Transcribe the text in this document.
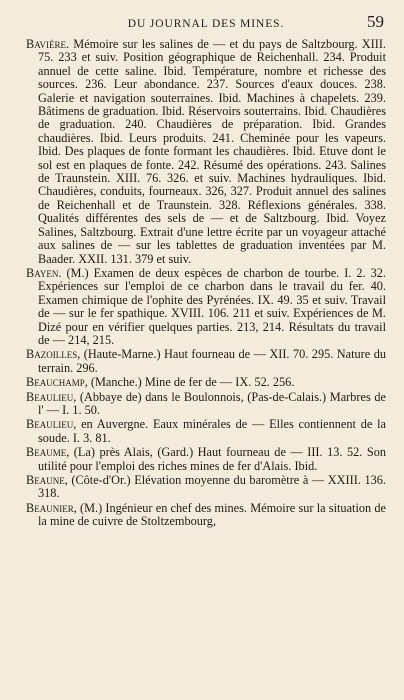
DU JOURNAL DES MINES.	59

Bavière. Mémoire sur les salines de — et du pays de Saltzbourg. XIII. 75. 233 et suiv. Position géographique de Reichenhall. 234. Produit annuel de cette saline. Ibid. Température, nombre et richesse des sources. 236. Leur abondance. 237. Sources d'eaux douces. 238. Galerie et navigation souterraines. Ibid. Machines à chapelets. 239. Bâtimens de graduation. Ibid. Réservoirs souterrains. Ibid. Chaudières de graduation. 240. Chaudières de préparation. Ibid. Grandes chaudières. Ibid. Leurs produits. 241. Cheminée pour les vapeurs. Ibid. Des plaques de fonte formant les chaudières. Ibid. Etuve dont le sol est en plaques de fonte. 242. Résumé des opérations. 243. Salines de Traunstein. XIII. 76. 326. et suiv. Machines hydrauliques. Ibid. Chaudières, conduits, fourneaux. 326, 327. Produit annuel des salines de Reichenhall et de Traunstein. 328. Réflexions générales. 338. Qualités différentes des sels de — et de Saltzbourg. Ibid. Voyez Salines, Saltzbourg. Extrait d'une lettre écrite par un voyageur attaché aux salines de — sur les tablettes de graduation inventées par M. Baader. XXII. 131. 379 et suiv.

Bayen. (M.) Examen de deux espèces de charbon de tourbe. I. 2. 32. Expériences sur l'emploi de ce charbon dans le travail du fer. 40. Examen chimique de l'ophite des Pyrénées. IX. 49. 35 et suiv. Travail de — sur le fer spathique. XVIII. 106. 211 et suiv. Expériences de M. Dizé pour en vérifier quelques parties. 213, 214. Résultats du travail de — 214, 215.

Bazoilles, (Haute-Marne.) Haut fourneau de — XII. 70. 295. Nature du terrain. 296.

Beauchamp, (Manche.) Mine de fer de — IX. 52. 256.

Beaulieu, (Abbaye de) dans le Boulonnois, (Pas-de-Calais.) Marbres de l' — I. 1. 50.

Beaulieu, en Auvergne. Eaux minérales de — Elles contiennent de la soude. I. 3. 81.

Beaume, (La) près Alais, (Gard.) Haut fourneau de — III. 13. 52. Son utilité pour l'emploi des riches mines de fer d'Alais. Ibid.

Beaune, (Côte-d'Or.) Elévation moyenne du baromètre à — XXIII. 136. 318.

Beaunier, (M.) Ingénieur en chef des mines. Mémoire sur la situation de la mine de cuivre de Stoltzembourg,
